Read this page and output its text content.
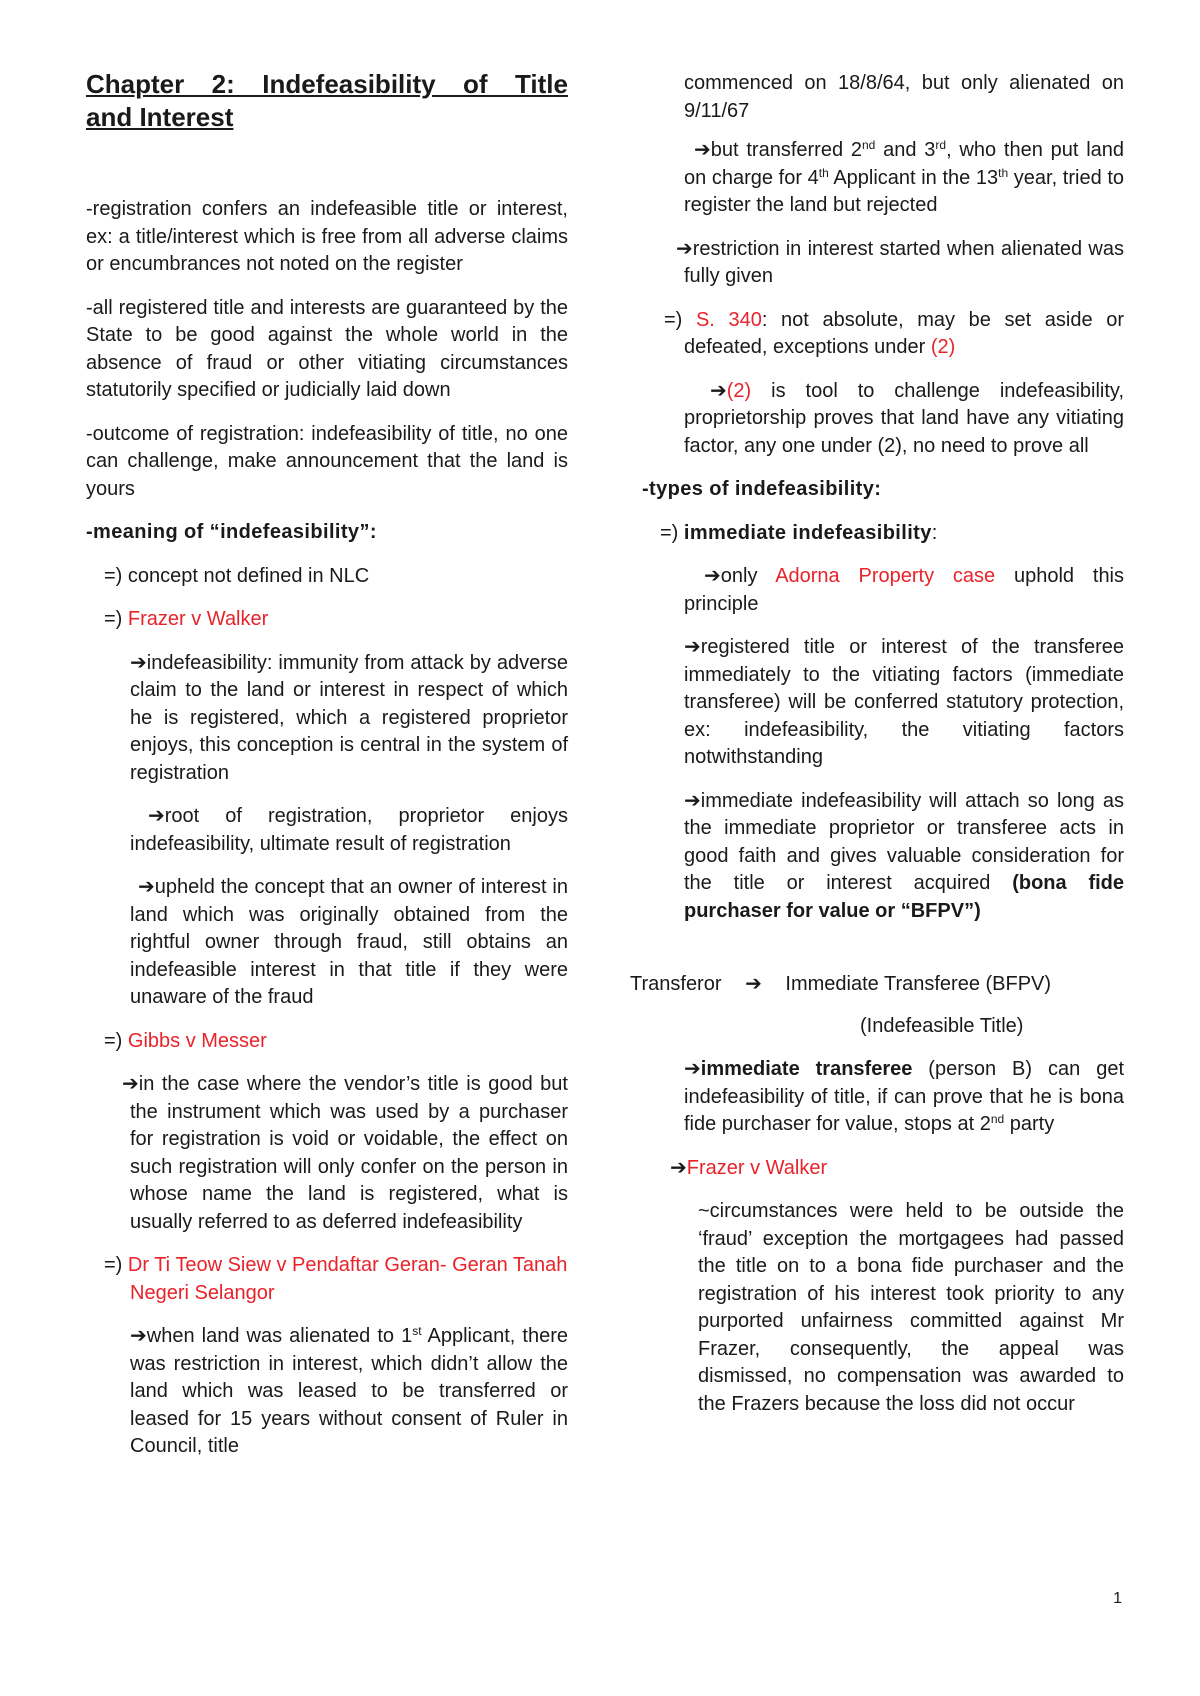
Chapter 2: Indefeasibility of Title
and Interest

-registration confers an indefeasible title or interest, ex: a title/interest which is free from all adverse claims or encumbrances not noted on the register

-all registered title and interests are guaranteed by the State to be good against the whole world in the absence of fraud or other vitiating circumstances statutorily specified or judicially laid down

-outcome of registration: indefeasibility of title, no one can challenge, make announcement that the land is yours

-meaning of “indefeasibility”:

=) concept not defined in NLC

=) Frazer v Walker

➔indefeasibility: immunity from attack by adverse claim to the land or interest in respect of which he is registered, which a registered proprietor enjoys, this conception is central in the system of registration

➔root of registration, proprietor enjoys indefeasibility, ultimate result of registration

➔upheld the concept that an owner of interest in land which was originally obtained from the rightful owner through fraud, still obtains an indefeasible interest in that title if they were unaware of the fraud

=) Gibbs v Messer

➔in the case where the vendor’s title is good but the instrument which was used by a purchaser for registration is void or voidable, the effect on such registration will only confer on the person in whose name the land is registered, what is usually referred to as deferred indefeasibility

=) Dr Ti Teow Siew v Pendaftar Geran- Geran Tanah Negeri Selangor

➔when land was alienated to 1st Applicant, there was restriction in interest, which didn’t allow the land which was leased to be transferred or leased for 15 years without consent of Ruler in Council, title

commenced on 18/8/64, but only alienated on 9/11/67

➔but transferred 2nd and 3rd, who then put land on charge for 4th Applicant in the 13th year, tried to register the land but rejected

➔restriction in interest started when alienated was fully given

=) S. 340: not absolute, may be set aside or defeated, exceptions under (2)

➔(2) is tool to challenge indefeasibility, proprietorship proves that land have any vitiating factor, any one under (2), no need to prove all

-types of indefeasibility:

=) immediate indefeasibility:

➔only Adorna Property case uphold this principle

➔registered title or interest of the transferee immediately to the vitiating factors (immediate transferee) will be conferred statutory protection, ex: indefeasibility, the vitiating factors notwithstanding

➔immediate indefeasibility will attach so long as the immediate proprietor or transferee acts in good faith and gives valuable consideration for the title or interest acquired (bona fide purchaser for value or “BFPV”)

Transferor ➔ Immediate Transferee (BFPV)

(Indefeasible Title)

➔immediate transferee (person B) can get indefeasibility of title, if can prove that he is bona fide purchaser for value, stops at 2nd party

➔Frazer v Walker

~circumstances were held to be outside the ‘fraud’ exception the mortgagees had passed the title on to a bona fide purchaser and the registration of his interest took priority to any purported unfairness committed against Mr Frazer, consequently, the appeal was dismissed, no compensation was awarded to the Frazers because the loss did not occur

1
